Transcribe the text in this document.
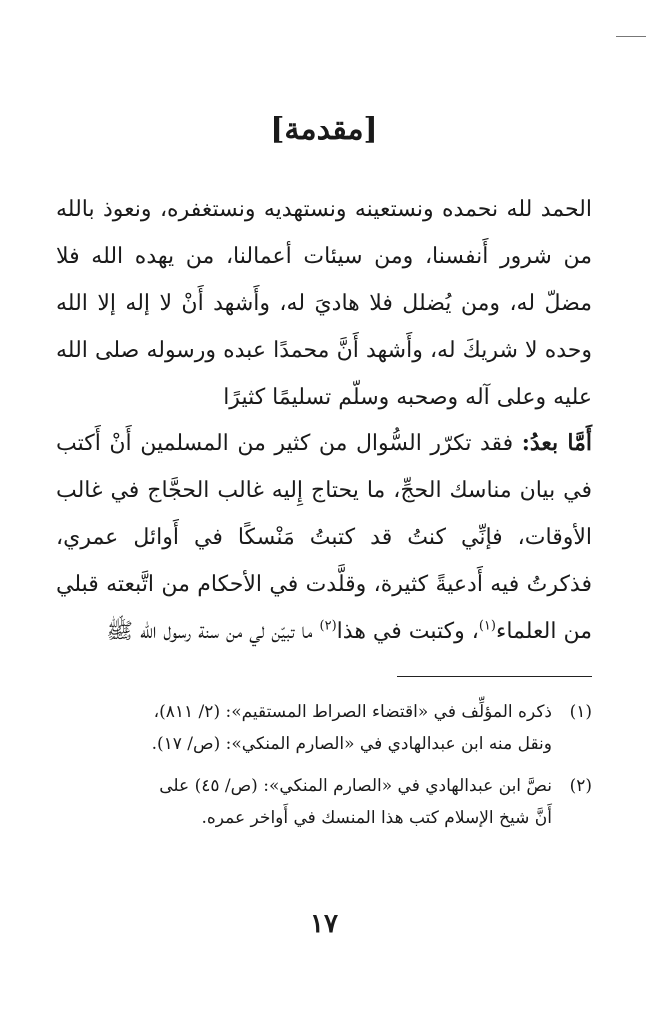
[مقدمة]

الحمد لله نحمده ونستعينه ونستهديه ونستغفره، ونعوذ بالله من شرور أَنفسنا، ومن سيئات أعمالنا، من يهده الله فلا مضلّ له، ومن يُضلل فلا هاديَ له، وأَشهد أَنْ لا إله إلا الله وحده لا شريكَ له، وأَشهد أَنَّ محمدًا عبده ورسوله صلى الله عليه وعلى آله وصحبه وسلّم تسليمًا كثيرًا

أَمَّا بعدُ: فقد تكرّر السُّوال من كثير من المسلمين أَنْ أَكتب في بيان مناسك الحجِّ، ما يحتاج إِليه غالب الحجَّاج في غالب الأوقات، فإنِّي كنتُ قد كتبتُ مَنْسكًا في أَوائل عمري، فذكرتُ فيه أَدعيةً كثيرة، وقلَّدت في الأحكام من اتَّبعته قبلي من العلماء$^{(١)}$، وكتبت في هذا$^{(٢)}$ ما تبيّن لي من سنة رسول الله ﷺ

(١)
ذكره المؤلِّف في «اقتضاء الصراط المستقيم»: (٢/ ٨١١)،
ونقل منه ابن عبدالهادي في «الصارم المنكي»: (ص/ ١٧).
(٢)
نصَّ ابن عبدالهادي في «الصارم المنكي»: (ص/ ٤٥) على
أَنَّ شيخ الإسلام كتب هذا المنسك في أَواخر عمره.
١٧
